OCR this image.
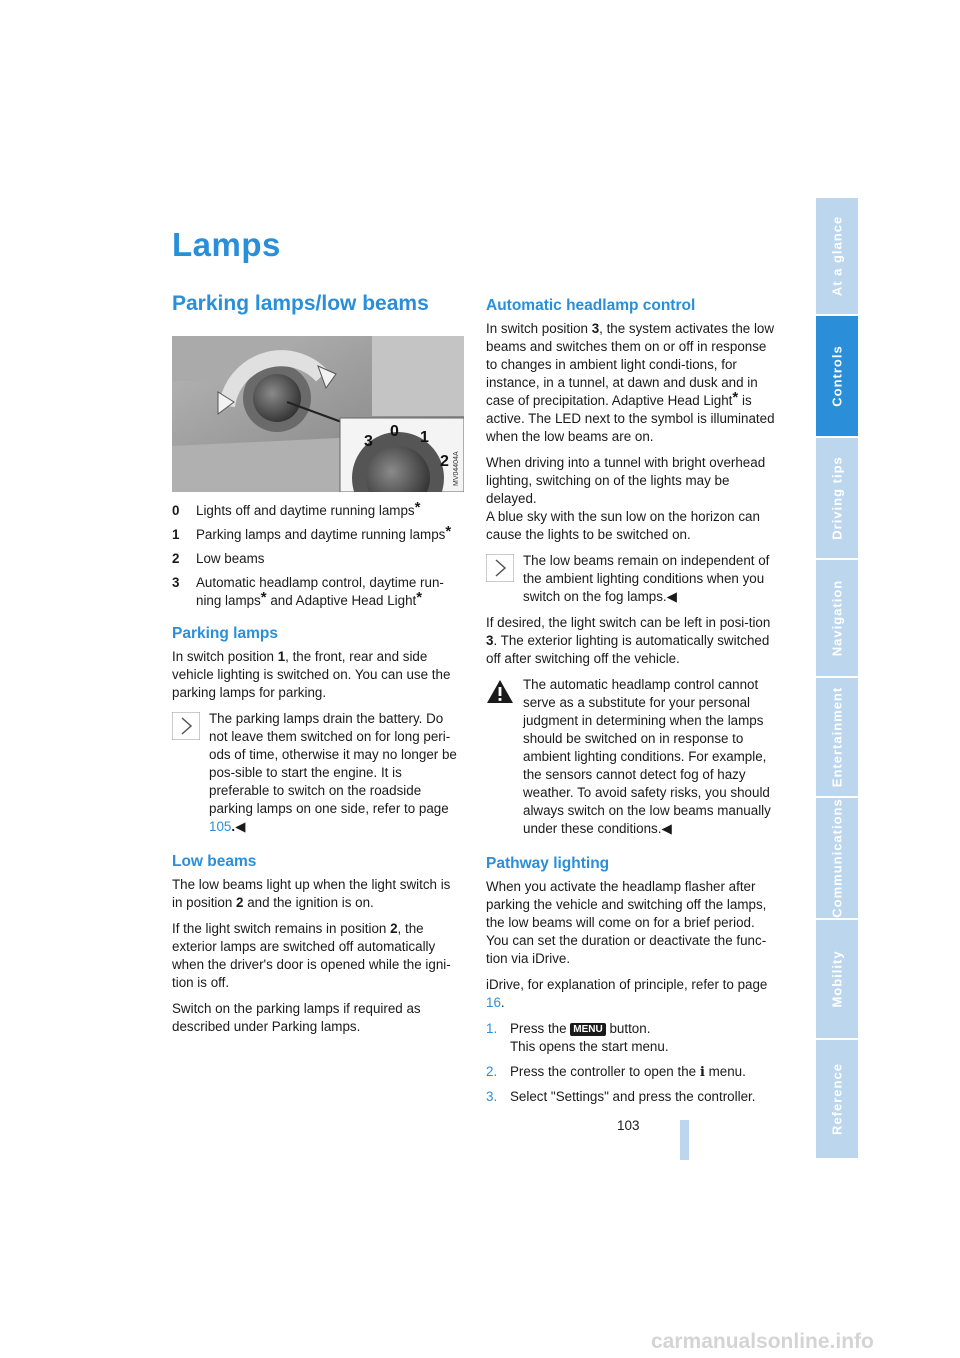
Lamps
Parking lamps/low beams
3
0 1
2 MV04404A
0	Lights off and daytime running lamps*
1	Parking lamps and daytime running lamps*
2	Low beams
3	Automatic headlamp control, daytime run-ning lamps* and Adaptive Head Light*
Parking lamps
In switch position 1, the front, rear and side vehicle lighting is switched on. You can use the parking lamps for parking.
The parking lamps drain the battery. Do not leave them switched on for long peri-ods of time, otherwise it may no longer be pos-sible to start the engine. It is preferable to switch on the roadside parking lamps on one side, refer to page 105.◀
Low beams
The low beams light up when the light switch is in position 2 and the ignition is on.
If the light switch remains in position 2, the exterior lamps are switched off automatically when the driver's door is opened while the igni-tion is off.
Switch on the parking lamps if required as described under Parking lamps.
Automatic headlamp control
In switch position 3, the system activates the low beams and switches them on or off in response to changes in ambient light condi-tions, for instance, in a tunnel, at dawn and dusk and in case of precipitation. Adaptive Head Light* is active. The LED next to the symbol is illuminated when the low beams are on.
When driving into a tunnel with bright overhead lighting, switching on of the lights may be delayed.
A blue sky with the sun low on the horizon can cause the lights to be switched on.
The low beams remain on independent of the ambient lighting conditions when you switch on the fog lamps.◀
If desired, the light switch can be left in posi-tion 3. The exterior lighting is automatically switched off after switching off the vehicle.
The automatic headlamp control cannot serve as a substitute for your personal judgment in determining when the lamps should be switched on in response to ambient lighting conditions. For example, the sensors cannot detect fog of hazy weather. To avoid safety risks, you should always switch on the low beams manually under these conditions.◀
Pathway lighting
When you activate the headlamp flasher after parking the vehicle and switching off the lamps, the low beams will come on for a brief period. You can set the duration or deactivate the func-tion via iDrive.
iDrive, for explanation of principle, refer to page 16.
1. Press the MENU button.
This opens the start menu.
2. Press the controller to open the i menu.
3. Select "Settings" and press the controller.
At a glance
Controls
Driving tips
Navigation
Entertainment
Communications
Mobility
Reference
103
carmanualsonline.info
